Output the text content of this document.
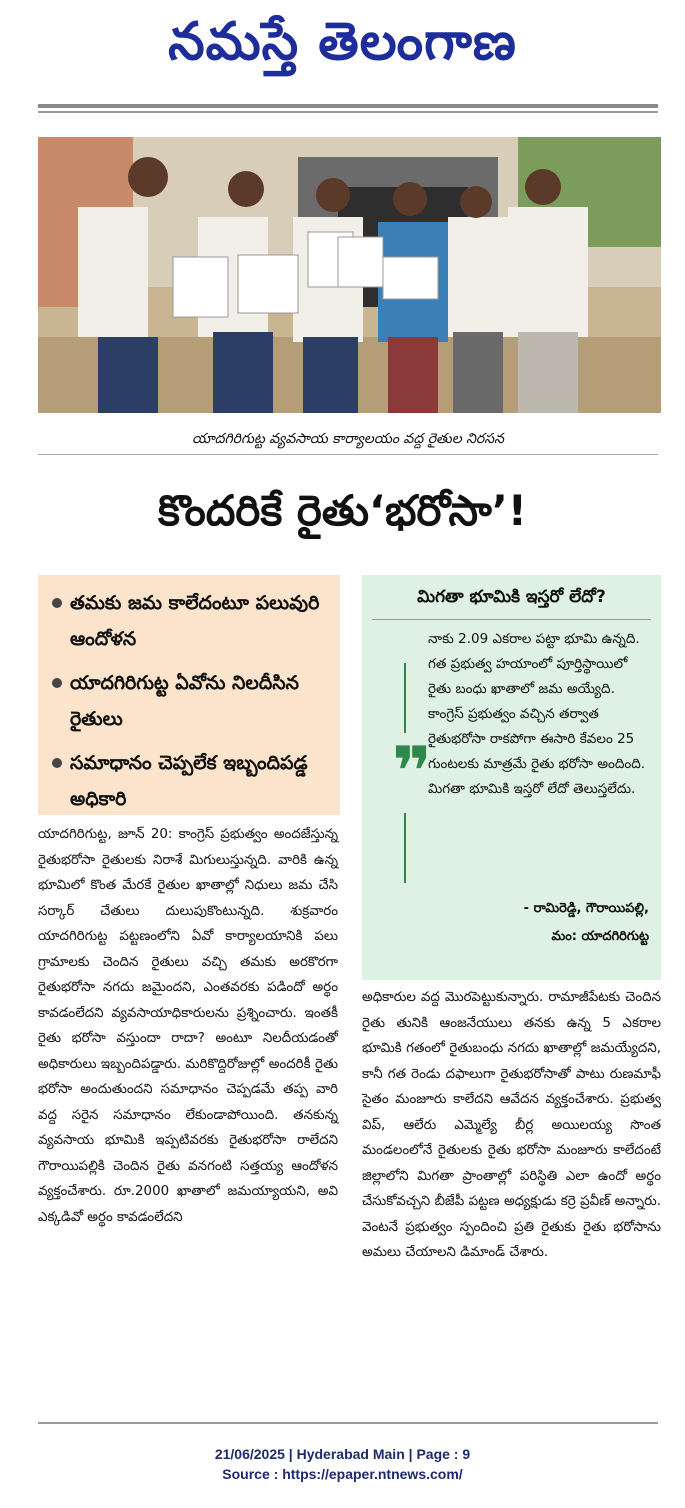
నమస్తే తెలంగాణ
యాదగిరిగుట్ట వ్యవసాయ కార్యాలయం వద్ద రైతుల నిరసన
కొందరికే రైతు‘భరోసా’!
తమకు జమ కాలేదంటూ పలువురి ఆందోళన
యాదగిరిగుట్ట ఏవోను నిలదీసిన రైతులు
సమాధానం చెప్పలేక ఇబ్బందిపడ్డ అధికారి
మిగతా భూమికి ఇస్తరో లేదో?
❞
నాకు 2.09 ఎకరాల పట్టా భూమి ఉన్నది. గత ప్రభుత్వ హయాంలో పూర్తిస్థాయిలో రైతు బంధు ఖాతాలో జమ అయ్యేది. కాంగ్రెస్ ప్రభుత్వం వచ్చిన తర్వాత రైతుభరోసా రాకపోగా ఈసారి కేవలం 25 గుంటలకు మాత్రమే రైతు భరోసా అందింది. మిగతా భూమికి ఇస్తరో లేదో తెలుస్తలేదు.
- రామిరెడ్డి, గౌరాయిపల్లి,
మం: యాదగిరిగుట్ట

యాదగిరిగుట్ట, జూన్ 20: కాంగ్రెస్ ప్రభుత్వం అందజేస్తున్న రైతుభరోసా రైతులకు నిరాశే మిగులుస్తున్నది. వారికి ఉన్న భూమిలో కొంత మేరకే రైతుల ఖాతాల్లో నిధులు జమ చేసి సర్కార్ చేతులు దులుపుకొంటున్నది. శుక్రవారం యాదగిరిగుట్ట పట్టణంలోని ఏవో కార్యాలయానికి పలు గ్రామాలకు చెందిన రైతులు వచ్చి తమకు అరకొరగా రైతుభరోసా నగదు జమైందని, ఎంతవరకు పడిందో అర్థం కావడంలేదని వ్యవసాయాధికారులను ప్రశ్నించారు. ఇంతకీ రైతు భరోసా వస్తుందా రాదా? అంటూ నిలదీయడంతో అధికారులు ఇబ్బందిపడ్డారు. మరికొద్దిరోజుల్లో అందరికీ రైతు భరోసా అందుతుందని సమాధానం చెప్పడమే తప్ప వారి వద్ద సరైన సమాధానం లేకుండాపోయింది. తనకున్న వ్యవసాయ భూమికి ఇప్పటివరకు రైతుభరోసా రాలేదని గౌరాయిపల్లికి చెందిన రైతు వనగంటి సత్తయ్య ఆందోళన వ్యక్తంచేశారు. రూ.2000 ఖాతాలో జమయ్యాయని, అవి ఎక్కడివో అర్థం కావడంలేదని

అధికారుల వద్ద మొరపెట్టుకున్నారు. రామాజీపేటకు చెందిన రైతు తునికి ఆంజనేయులు తనకు ఉన్న 5 ఎకరాల భూమికి గతంలో రైతుబంధు నగదు ఖాతాల్లో జమయ్యేదని, కానీ గత రెండు దఫాలుగా రైతుభరోసాతో పాటు రుణమాఫీ సైతం మంజూరు కాలేదని ఆవేదన వ్యక్తంచేశారు. ప్రభుత్వ విప్, ఆలేరు ఎమ్మెల్యే బీర్ల అయిలయ్య సొంత మండలంలోనే రైతులకు రైతు భరోసా మంజూరు కాలేదంటే జిల్లాలోని మిగతా ప్రాంతాల్లో పరిస్థితి ఎలా ఉందో అర్థం చేసుకోవచ్చని బీజేపీ పట్టణ అధ్యక్షుడు కర్రె ప్రవీణ్ అన్నారు. వెంటనే ప్రభుత్వం స్పందించి ప్రతి రైతుకు రైతు భరోసాను అమలు చేయాలని డిమాండ్ చేశారు.

21/06/2025 | Hyderabad Main | Page : 9
Source : https://epaper.ntnews.com/
